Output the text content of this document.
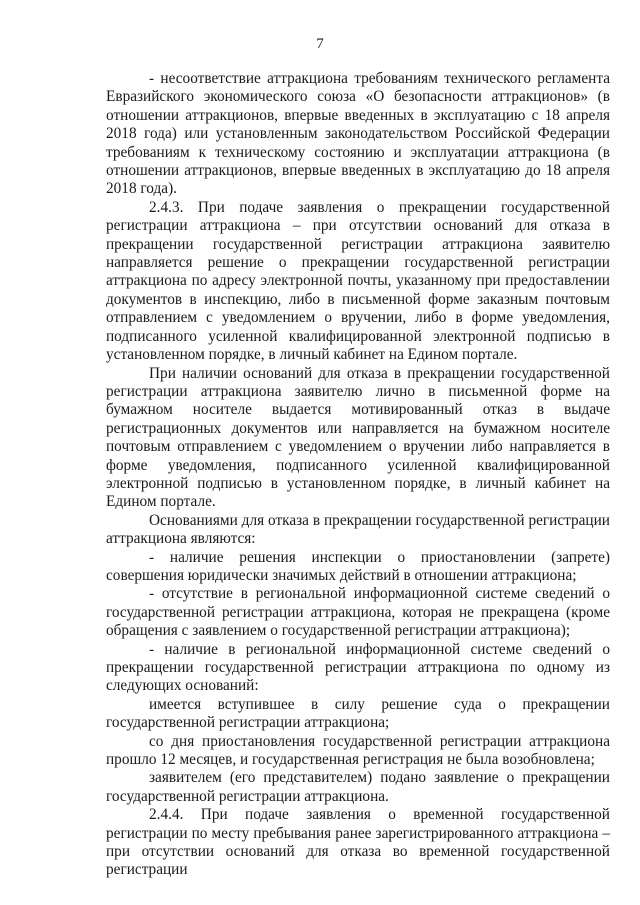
7

- несоответствие аттракциона требованиям технического регламента Евразийского экономического союза «О безопасности аттракционов» (в отношении аттракционов, впервые введенных в эксплуатацию с 18 апреля 2018 года) или установленным законодательством Российской Федерации требованиям к техническому состоянию и эксплуатации аттракциона (в отношении аттракционов, впервые введенных в эксплуатацию до 18 апреля 2018 года).

2.4.3. При подаче заявления о прекращении государственной регистрации аттракциона – при отсутствии оснований для отказа в прекращении государственной регистрации аттракциона заявителю направляется решение о прекращении государственной регистрации аттракциона по адресу электронной почты, указанному при предоставлении документов в инспекцию, либо в письменной форме заказным почтовым отправлением с уведомлением о вручении, либо в форме уведомления, подписанного усиленной квалифицированной электронной подписью в установленном порядке, в личный кабинет на Едином портале.

При наличии оснований для отказа в прекращении государственной регистрации аттракциона заявителю лично в письменной форме на бумажном носителе выдается мотивированный отказ в выдаче регистрационных документов или направляется на бумажном носителе почтовым отправлением с уведомлением о вручении либо направляется в форме уведомления, подписанного усиленной квалифицированной электронной подписью в установленном порядке, в личный кабинет на Едином портале.

Основаниями для отказа в прекращении государственной регистрации аттракциона являются:

- наличие решения инспекции о приостановлении (запрете) совершения юридически значимых действий в отношении аттракциона;

- отсутствие в региональной информационной системе сведений о государственной регистрации аттракциона, которая не прекращена (кроме обращения с заявлением о государственной регистрации аттракциона);

- наличие в региональной информационной системе сведений о прекращении государственной регистрации аттракциона по одному из следующих оснований:

имеется вступившее в силу решение суда о прекращении государственной регистрации аттракциона;

со дня приостановления государственной регистрации аттракциона прошло 12 месяцев, и государственная регистрация не была возобновлена;

заявителем (его представителем) подано заявление о прекращении государственной регистрации аттракциона.

2.4.4. При подаче заявления о временной государственной регистрации по месту пребывания ранее зарегистрированного аттракциона – при отсутствии оснований для отказа во временной государственной регистрации
